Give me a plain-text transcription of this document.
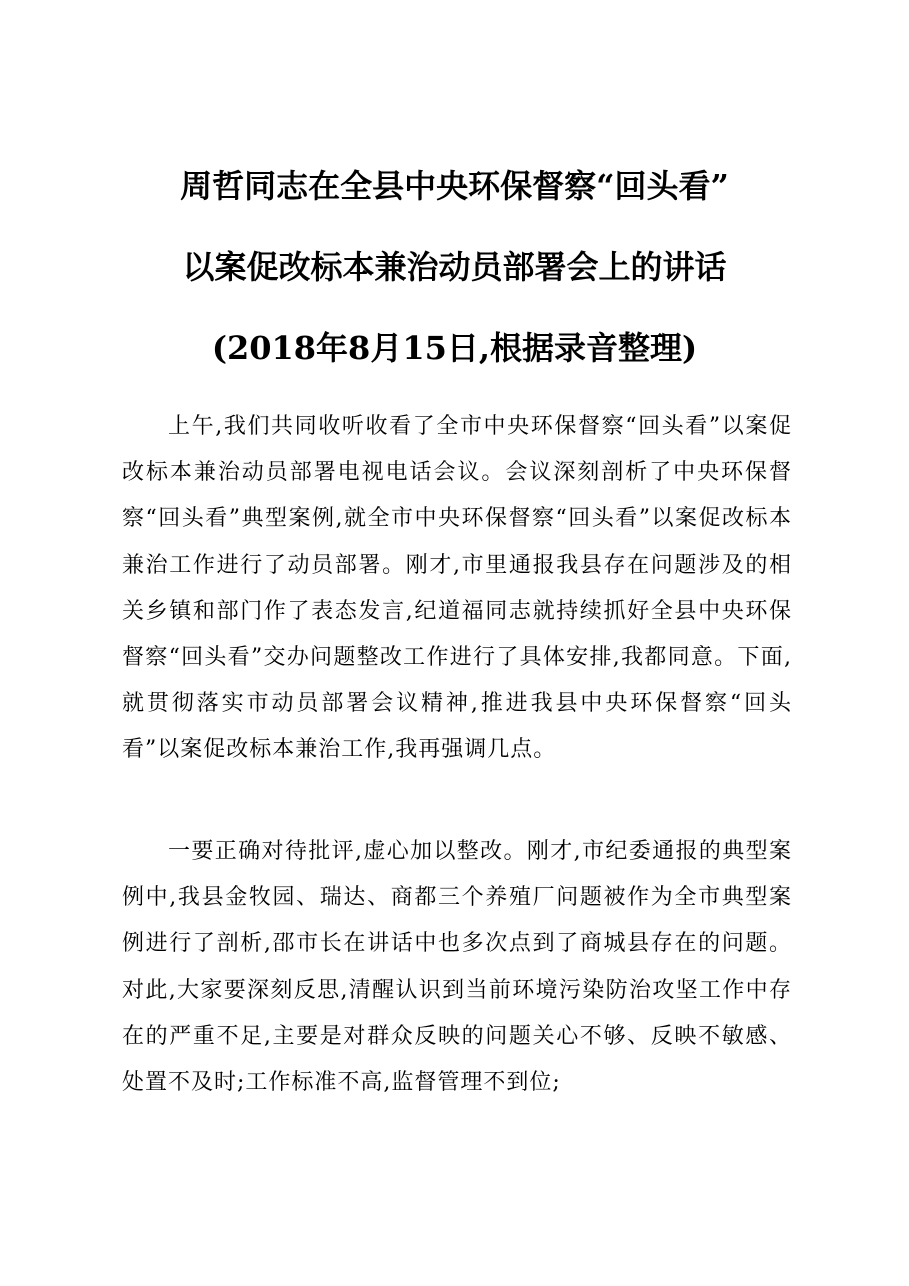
周哲同志在全县中央环保督察“回头看”
以案促改标本兼治动员部署会上的讲话
(2018年8月15日,根据录音整理)

上午,我们共同收听收看了全市中央环保督察“回头看”以案促改标本兼治动员部署电视电话会议。会议深刻剖析了中央环保督察“回头看”典型案例,就全市中央环保督察“回头看”以案促改标本兼治工作进行了动员部署。刚才,市里通报我县存在问题涉及的相关乡镇和部门作了表态发言,纪道福同志就持续抓好全县中央环保督察“回头看”交办问题整改工作进行了具体安排,我都同意。下面,就贯彻落实市动员部署会议精神,推进我县中央环保督察“回头看”以案促改标本兼治工作,我再强调几点。

一要正确对待批评,虚心加以整改。刚才,市纪委通报的典型案例中,我县金牧园、瑞达、商都三个养殖厂问题被作为全市典型案例进行了剖析,邵市长在讲话中也多次点到了商城县存在的问题。对此,大家要深刻反思,清醒认识到当前环境污染防治攻坚工作中存在的严重不足,主要是对群众反映的问题关心不够、反映不敏感、处置不及时;工作标准不高,监督管理不到位;
